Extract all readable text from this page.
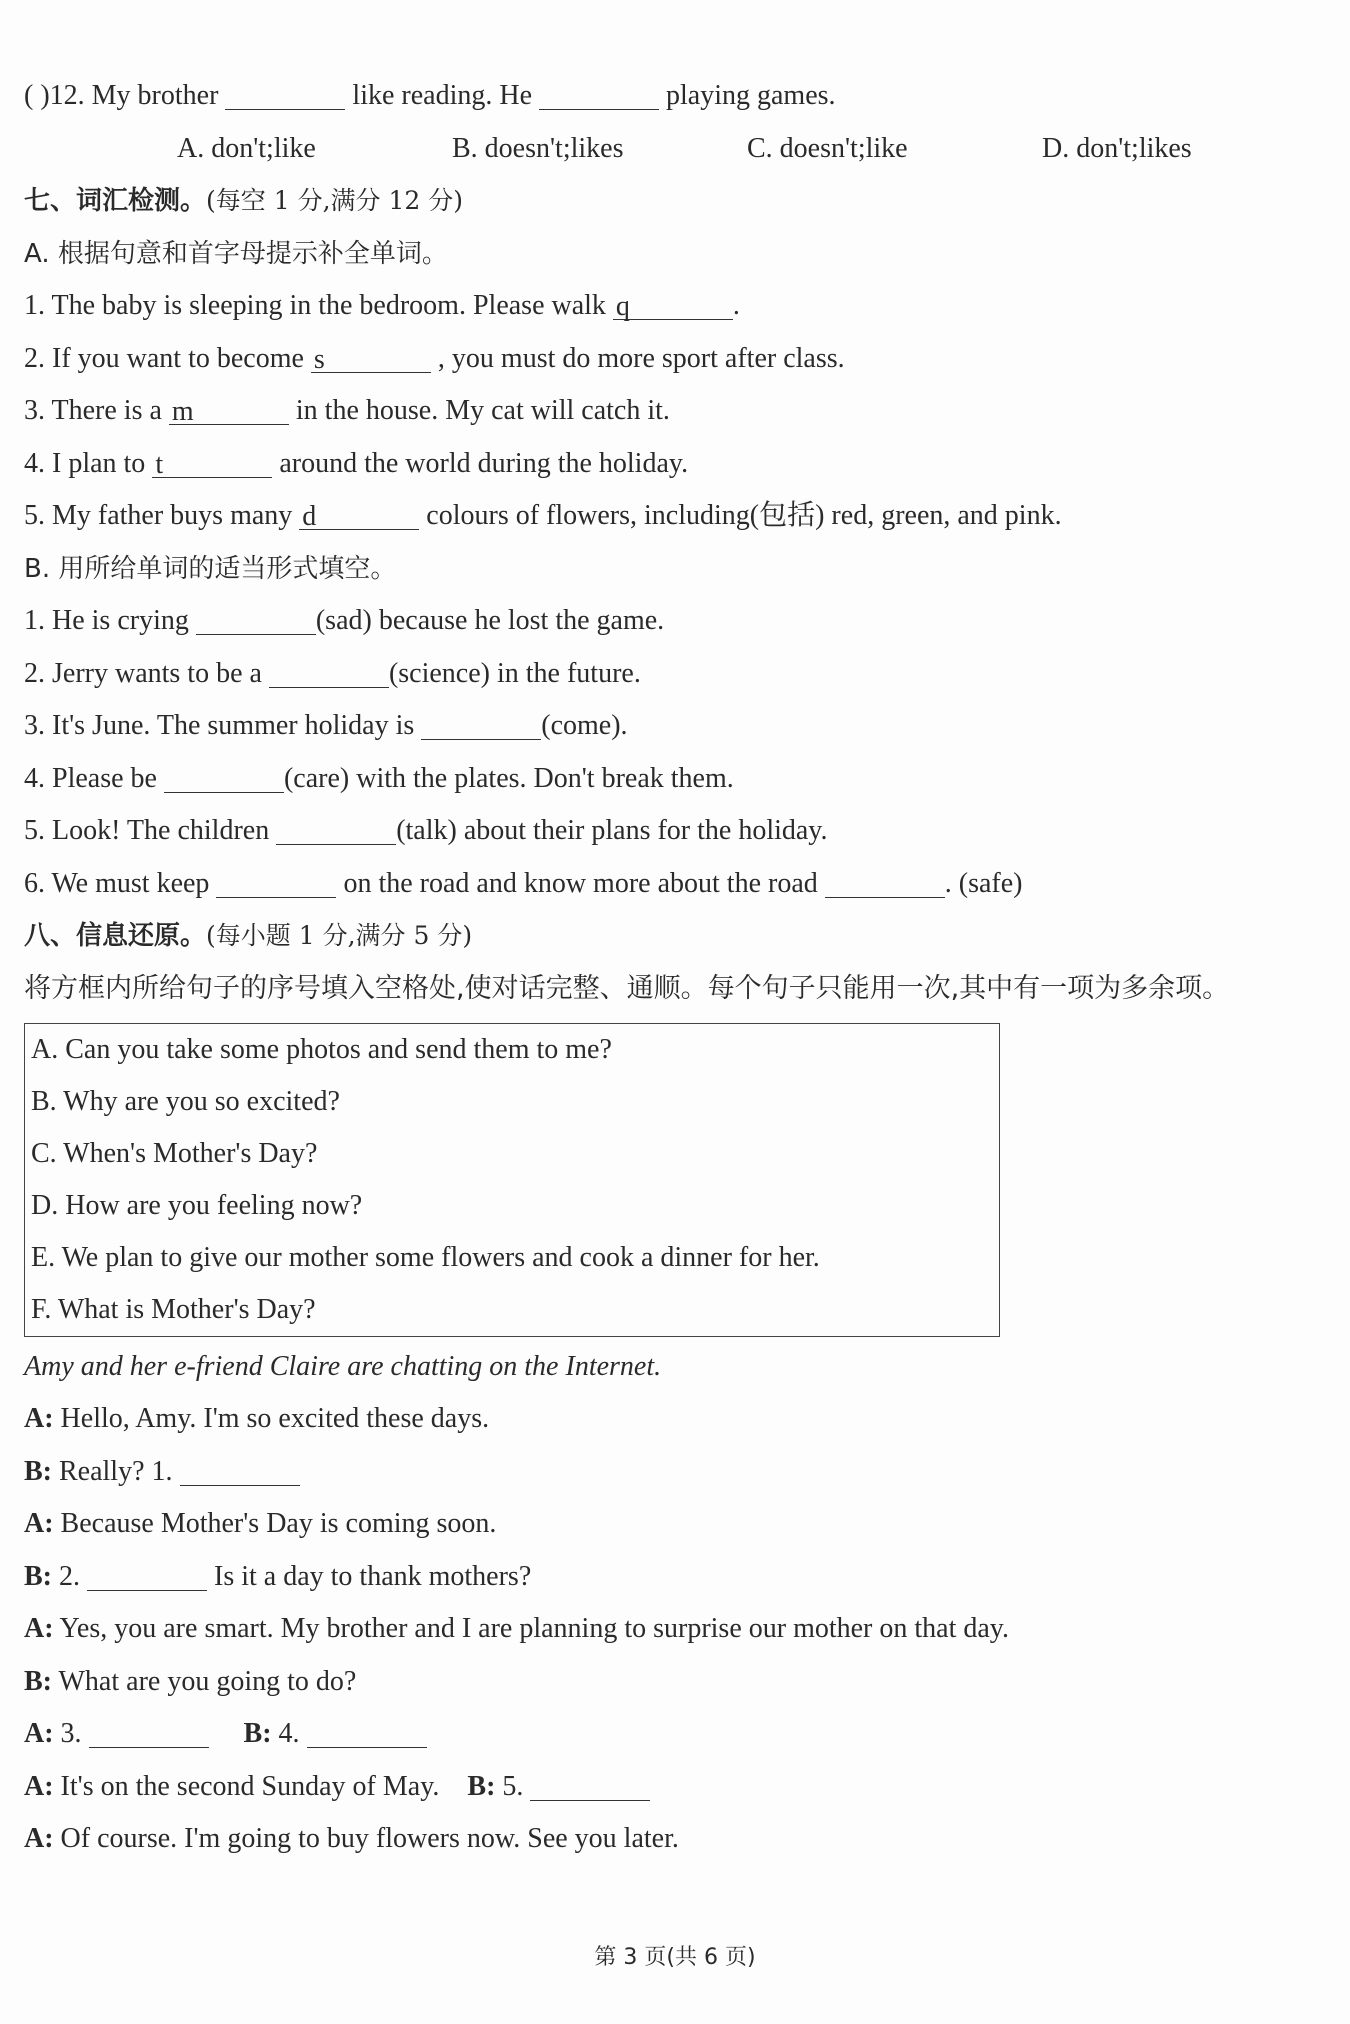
( )12. My brother	like reading. He	playing games.
A. don't;like	B. doesn't;likes	C. doesn't;like	D. don't;likes
七、词汇检测。(每空 1 分,满分 12 分)
A. 根据句意和首字母提示补全单词。
1. The baby is sleeping in the bedroom. Please walk q	.
2. If you want to become s	, you must do more sport after class.
3. There is a m	in the house. My cat will catch it.
4. I plan to t	around the world during the holiday.
5. My father buys many d	colours of flowers, including(包括) red, green, and pink.
B. 用所给单词的适当形式填空。
1. He is crying	(sad) because he lost the game.
2. Jerry wants to be a	(science) in the future.
3. It's June. The summer holiday is	(come).
4. Please be	(care) with the plates. Don't break them.
5. Look! The children	(talk) about their plans for the holiday.
6. We must keep	on the road and know more about the road	. (safe)
八、信息还原。(每小题 1 分,满分 5 分)
将方框内所给句子的序号填入空格处,使对话完整、通顺。每个句子只能用一次,其中有一项为多余项。
A. Can you take some photos and send them to me?
B. Why are you so excited?
C. When's Mother's Day?
D. How are you feeling now?
E. We plan to give our mother some flowers and cook a dinner for her.
F. What is Mother's Day?
Amy and her e-friend Claire are chatting on the Internet.
A: Hello, Amy. I'm so excited these days.
B: Really? 1.
A: Because Mother's Day is coming soon.
B: 2.	Is it a day to thank mothers?
A: Yes, you are smart. My brother and I are planning to surprise our mother on that day.
B: What are you going to do?
A: 3.	B: 4.
A: It's on the second Sunday of May. B: 5.
A: Of course. I'm going to buy flowers now. See you later.
第 3 页(共 6 页)
